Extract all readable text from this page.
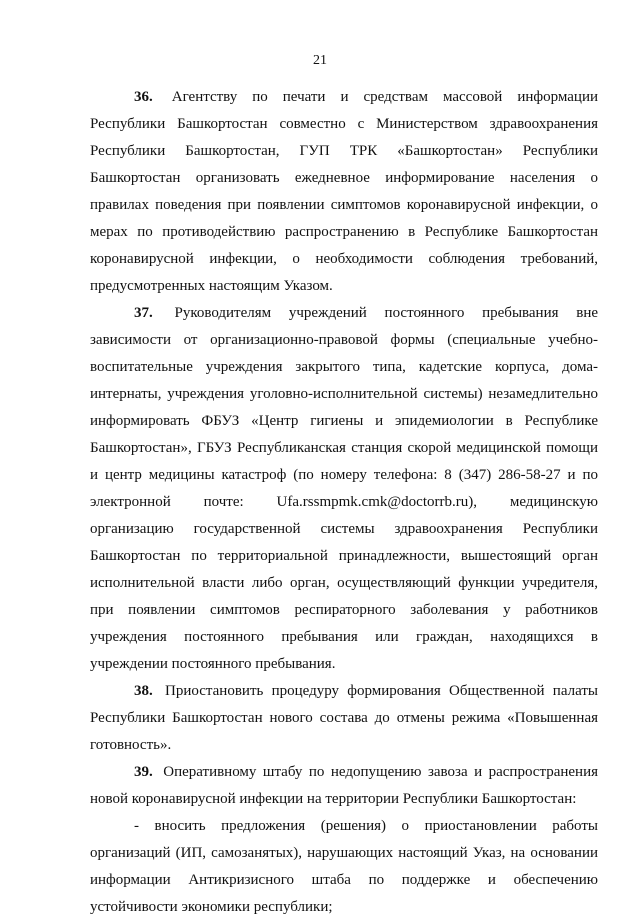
21

36. Агентству по печати и средствам массовой информации Республики Башкортостан совместно с Министерством здравоохранения Республики Башкортостан, ГУП ТРК «Башкортостан» Республики Башкортостан организовать ежедневное информирование населения о правилах поведения при появлении симптомов коронавирусной инфекции, о мерах по противодействию распространению в Республике Башкортостан коронавирусной инфекции, о необходимости соблюдения требований, предусмотренных настоящим Указом.

37. Руководителям учреждений постоянного пребывания вне зависимости от организационно-правовой формы (специальные учебно-воспитательные учреждения закрытого типа, кадетские корпуса, дома-интернаты, учреждения уголовно-исполнительной системы) незамедлительно информировать ФБУЗ «Центр гигиены и эпидемиологии в Республике Башкортостан», ГБУЗ Республиканская станция скорой медицинской помощи и центр медицины катастроф (по номеру телефона: 8 (347) 286-58-27 и по электронной почте: Ufa.rssmpmk.cmk@doctorrb.ru), медицинскую организацию государственной системы здравоохранения Республики Башкортостан по территориальной принадлежности, вышестоящий орган исполнительной власти либо орган, осуществляющий функции учредителя, при появлении симптомов респираторного заболевания у работников учреждения постоянного пребывания или граждан, находящихся в учреждении постоянного пребывания.

38. Приостановить процедуру формирования Общественной палаты Республики Башкортостан нового состава до отмены режима «Повышенная готовность».

39. Оперативному штабу по недопущению завоза и распространения новой коронавирусной инфекции на территории Республики Башкортостан:

- вносить предложения (решения) о приостановлении работы организаций (ИП, самозанятых), нарушающих настоящий Указ, на основании информации Антикризисного штаба по поддержке и обеспечению устойчивости экономики республики;
